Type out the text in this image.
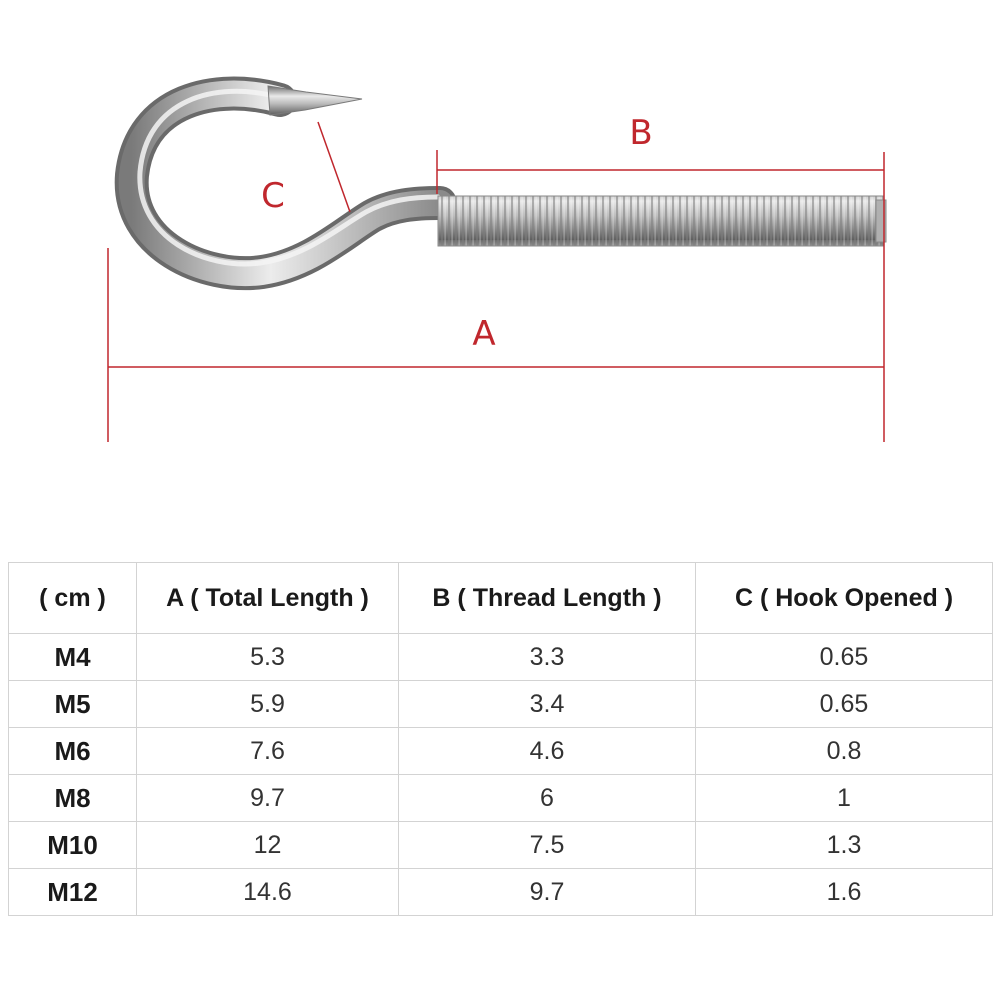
A
B
C
( cm )	A ( Total Length )	B ( Thread Length )	C ( Hook Opened )
M4	5.3	3.3	0.65
M5	5.9	3.4	0.65
M6	7.6	4.6	0.8
M8	9.7	6	1
M10	12	7.5	1.3
M12	14.6	9.7	1.6
